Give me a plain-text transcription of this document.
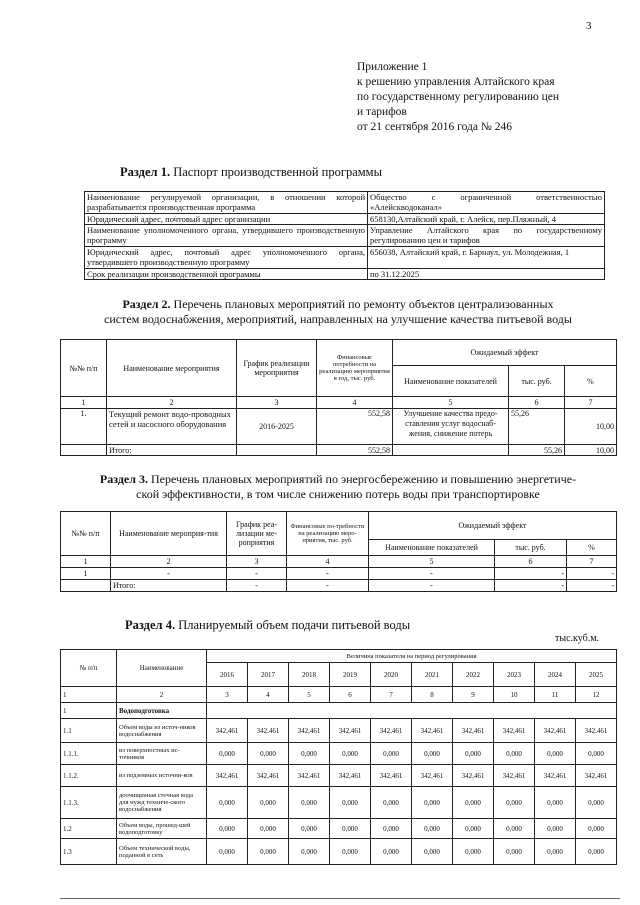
3
Приложение 1
к решению управления Алтайского края
по государственному регулированию цен
и тарифов
от 21 сентября 2016 года № 246
Раздел 1. Паспорт производственной программы
Наименование регулируемой организации, в отношении которой разрабатывается производственная программа	Общество с ограниченной ответственностью «Алейскводоканал»
Юридический адрес, почтовый адрес организации	658130,Алтайский край, г. Алейск, пер.Пляжный, 4
Наименование уполномоченного органа, утвердившего производственную программу	Управление Алтайского края по государственному регулированию цен и тарифов
Юридический адрес, почтовый адрес уполномоченного органа, утвердившего производственную программу	656038, Алтайский край, г. Барнаул, ул. Молодежная, 1
Срок реализации производственной программы	по 31.12.2025
Раздел 2. Перечень плановых мероприятий по ремонту объектов централизованных
систем водоснабжения, мероприятий, направленных на улучшение качества питьевой воды
№№ п/п	Наименование мероприятия	График реализации мероприятия	Финансовые потребности на реализацию мероприятия в год, тыс. руб.	Ожидаемый эффект		
				Наименование показателей	тыс. руб.	%
1	2	3	4	5	6	7
1.	Текущий ремонт водо-проводных сетей и насосного оборудования	2016-2025	552,58	Улучшение качества предо-ставления услуг водоснаб-жения, снижение потерь	55,26	10,00
	Итого:		552,58		55,26	10,00
Раздел 3. Перечень плановых мероприятий по энергосбережению и повышению энергетиче-
ской эффективности, в том числе снижению потерь воды при транспортировке
№№ п/п	Наименование мероприя-тия	График реа-лизации ме-роприятия	Финансовые по-требности на реализацию меро-приятия, тыс. руб.	Ожидаемый эффект		
				Наименование показателей	тыс. руб.	%
1	2	3	4	5	6	7
1	-	-	-	-	-	-
	Итого:	-	-	-	-	-
Раздел 4. Планируемый объем подачи питьевой воды
тыс.куб.м.
№ п/п	Наименование	Величина показателя на период регулирования									
		2016	2017	2018	2019	2020	2021	2022	2023	2024	2025
1	2	3	4	5	6	7	8	9	10	11	12
1	Водоподготовка										
1.1	Объем воды из источ-ников водоснабжения	342,461	342,461	342,461	342,461	342,461	342,461	342,461	342,461	342,461	342,461
1.1.1.	из поверхностных ис-точников	0,000	0,000	0,000	0,000	0,000	0,000	0,000	0,000	0,000	0,000
1.1.2.	из подземных источни-ков	342,461	342,461	342,461	342,461	342,461	342,461	342,461	342,461	342,461	342,461
1.1.3.	доочищенная сточная вода для нужд техниче-ского водоснабжения	0,000	0,000	0,000	0,000	0,000	0,000	0,000	0,000	0,000	0,000
1.2	Объем воды, прошед-шей водоподготовку	0,000	0,000	0,000	0,000	0,000	0,000	0,000	0,000	0,000	0,000
1.3	Объем технической воды, поданной в сеть	0,000	0,000	0,000	0,000	0,000	0,000	0,000	0,000	0,000	0,000
